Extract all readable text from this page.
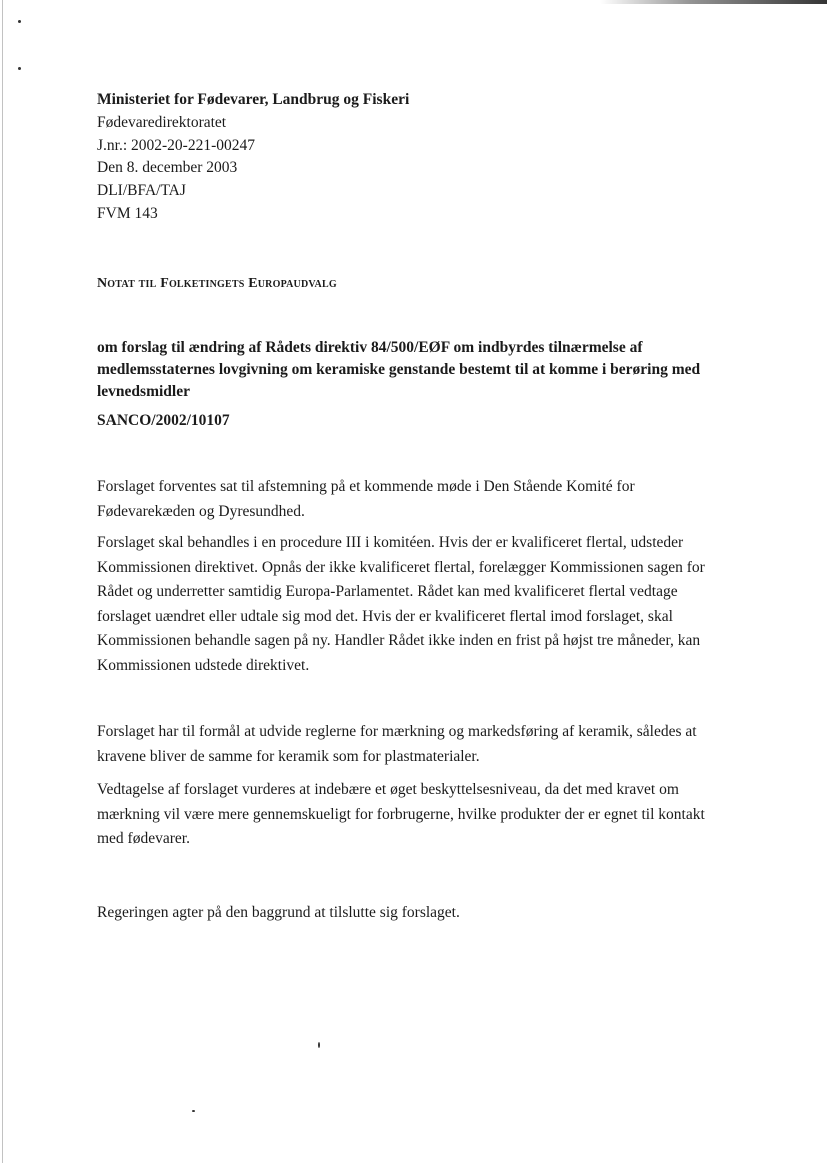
Ministeriet for Fødevarer, Landbrug og Fiskeri
Fødevaredirektoratet
J.nr.: 2002-20-221-00247
Den 8. december 2003
DLI/BFA/TAJ
FVM 143
Notat til Folketingets Europaudvalg
om forslag til ændring af Rådets direktiv 84/500/EØF om indbyrdes tilnærmelse af medlemsstaternes lovgivning om keramiske genstande bestemt til at komme i berøring med levnedsmidler
SANCO/2002/10107

Forslaget forventes sat til afstemning på et kommende møde i Den Stående Komité for Fødevarekæden og Dyresundhed.

Forslaget skal behandles i en procedure III i komitéen. Hvis der er kvalificeret flertal, udsteder Kommissionen direktivet. Opnås der ikke kvalificeret flertal, forelægger Kommissionen sagen for Rådet og underretter samtidig Europa-Parlamentet. Rådet kan med kvalificeret flertal vedtage forslaget uændret eller udtale sig mod det. Hvis der er kvalificeret flertal imod forslaget, skal Kommissionen behandle sagen på ny. Handler Rådet ikke inden en frist på højst tre måneder, kan Kommissionen udstede direktivet.

Forslaget har til formål at udvide reglerne for mærkning og markedsføring af keramik, således at kravene bliver de samme for keramik som for plastmaterialer.

Vedtagelse af forslaget vurderes at indebære et øget beskyttelsesniveau, da det med kravet om mærkning vil være mere gennemskueligt for forbrugerne, hvilke produkter der er egnet til kontakt med fødevarer.

Regeringen agter på den baggrund at tilslutte sig forslaget.
